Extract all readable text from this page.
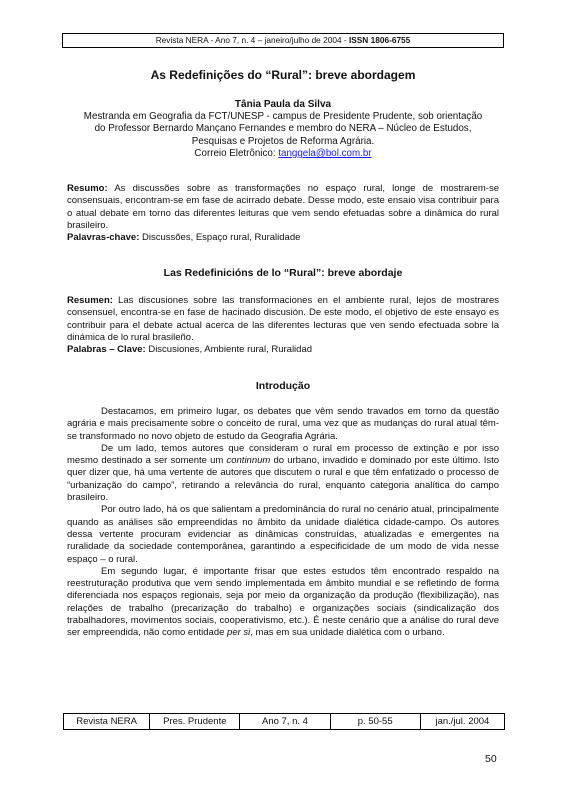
Revista NERA - Ano 7, n. 4 – janeiro/julho de 2004 - ISSN 1806-6755
As Redefinições do “Rural”: breve abordagem
Tânia Paula da Silva
Mestranda em Geografia da FCT/UNESP - campus de Presidente Prudente, sob orientação
do Professor Bernardo Mançano Fernandes e membro do NERA – Núcleo de Estudos,
Pesquisas e Projetos de Reforma Agrária.
Correio Eletrônico: tanggela@bol.com.br
Resumo: As discussões sobre as transformações no espaço rural, longe de mostrarem-se consensuais, encontram-se em fase de acirrado debate. Desse modo, este ensaio visa contribuir para o atual debate em torno das diferentes leituras que vem sendo efetuadas sobre a dinâmica do rural brasileiro.
Palavras-chave: Discussões, Espaço rural, Ruralidade
Las Redefinicións de lo “Rural”: breve abordaje
Resumen: Las discusiones sobre las transformaciones en el ambiente rural, lejos de mostrares consensuel, encontra-se en fase de hacinado discusión. De este modo, el objetivo de este ensayo es contribuir para el debate actual acerca de las diferentes lecturas que ven sendo efectuada sobre la dinámica de lo rural brasileño.
Palabras – Clave: Discusiones, Ambiente rural, Ruralidad
Introdução

Destacamos, em primeiro lugar, os debates que vêm sendo travados em torno da questão agrária e mais precisamente sobre o conceito de rural, uma vez que as mudanças do rural atual têm-se transformado no novo objeto de estudo da Geografia Agrária.

De um lado, temos autores que consideram o rural em processo de extinção e por isso mesmo destinado a ser somente um continnum do urbano, invadido e dominado por este último. Isto quer dizer que, há uma vertente de autores que discutem o rural e que têm enfatizado o processo de “urbanização do campo”, retirando a relevância do rural, enquanto categoria analítica do campo brasileiro.

Por outro lado, há os que salientam a predominância do rural no cenário atual, principalmente quando as análises são empreendidas no âmbito da unidade dialética cidade-campo. Os autores dessa vertente procuram evidenciar as dinâmicas construídas, atualizadas e emergentes na ruralidade da sociedade contemporânea, garantindo a especificidade de um modo de vida nesse espaço – o rural.

Em segundo lugar, é importante frisar que estes estudos têm encontrado respaldo na reestruturação produtiva que vem sendo implementada em âmbito mundial e se refletindo de forma diferenciada nos espaços regionais, seja por meio da organização da produção (flexibilização), nas relações de trabalho (precarização do trabalho) e organizações sociais (sindicalização dos trabalhadores, movimentos sociais, cooperativismo, etc.). É neste cenário que a análise do rural deve ser empreendida, não como entidade per si, mas em sua unidade dialética com o urbano.

Revista NERA	Pres. Prudente	Ano 7, n. 4	p. 50-55	jan./jul. 2004
50
